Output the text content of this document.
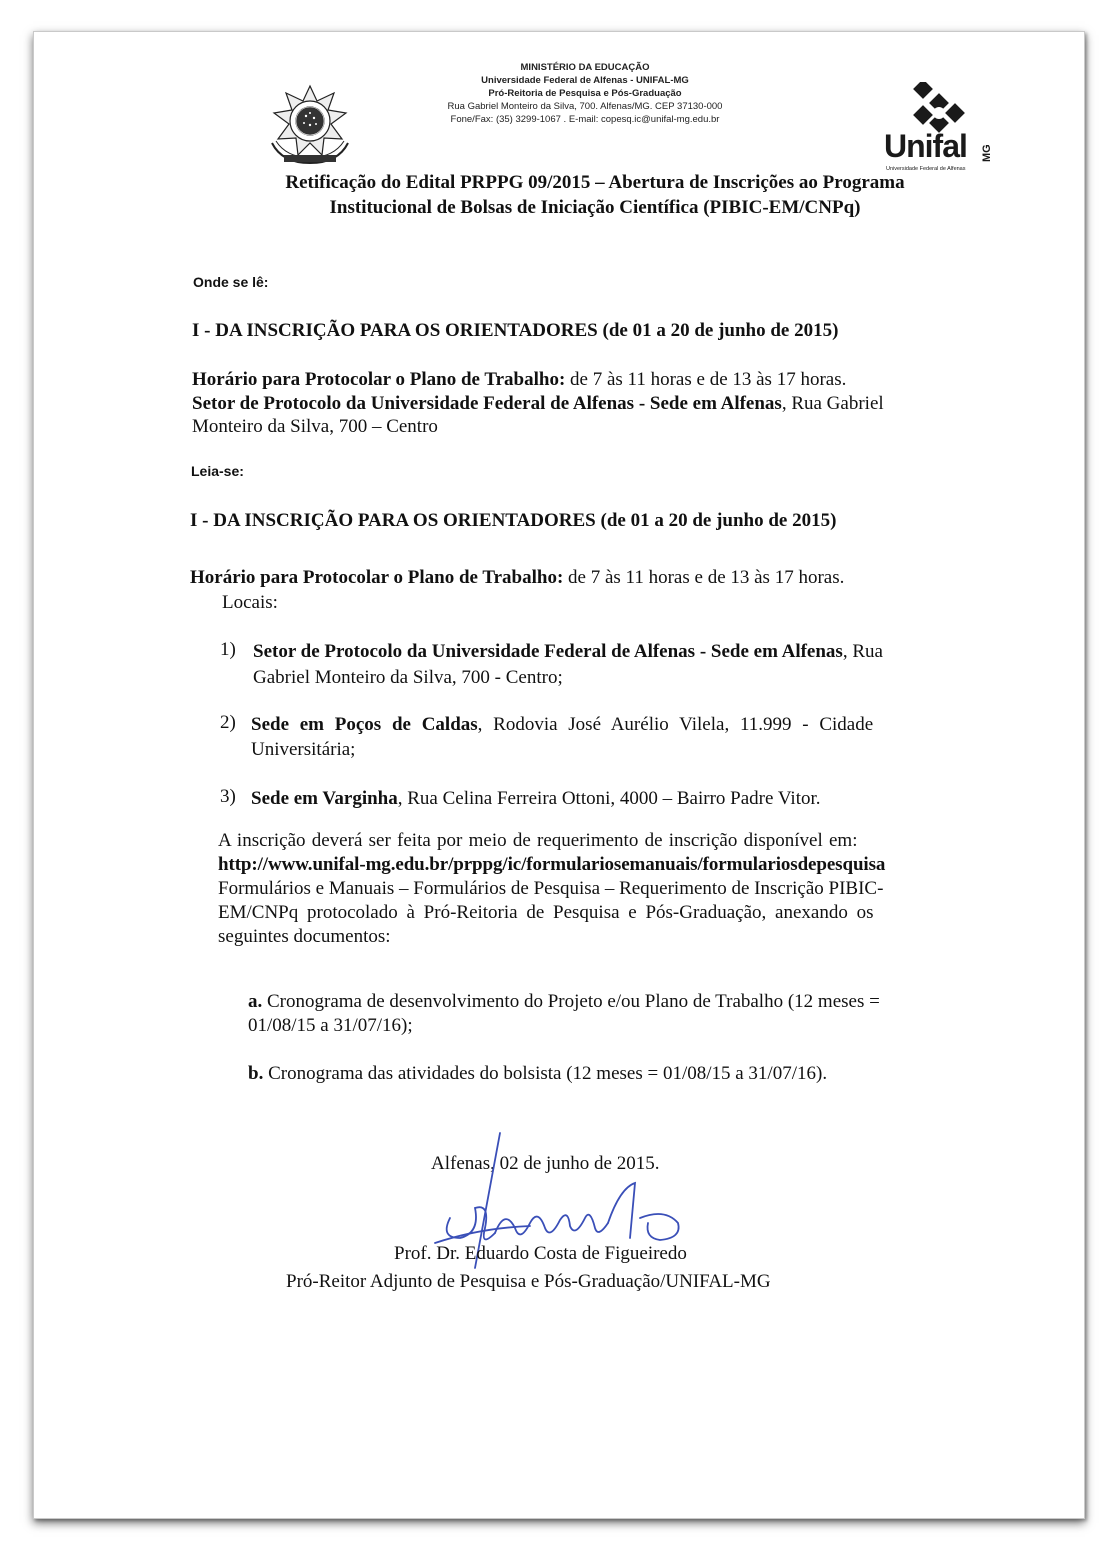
MINISTÉRIO DA EDUCAÇÃO
Universidade Federal de Alfenas - UNIFAL-MG
Pró-Reitoria de Pesquisa e Pós-Graduação
Rua Gabriel Monteiro da Silva, 700. Alfenas/MG. CEP 37130-000
Fone/Fax: (35) 3299-1067 . E-mail: copesq.ic@unifal-mg.edu.br
Unifal MG
Universidade Federal de Alfenas
Retificação do Edital PRPPG 09/2015 – Abertura de Inscrições ao Programa
Institucional de Bolsas de Iniciação Científica (PIBIC-EM/CNPq)
Onde se lê:
I - DA INSCRIÇÃO PARA OS ORIENTADORES (de 01 a 20 de junho de 2015)
Horário para Protocolar o Plano de Trabalho: de 7 às 11 horas e de 13 às 17 horas.
Setor de Protocolo da Universidade Federal de Alfenas - Sede em Alfenas, Rua Gabriel
Monteiro da Silva, 700 – Centro
Leia-se:
I - DA INSCRIÇÃO PARA OS ORIENTADORES (de 01 a 20 de junho de 2015)
Horário para Protocolar o Plano de Trabalho: de 7 às 11 horas e de 13 às 17 horas.
Locais:
1) Setor de Protocolo da Universidade Federal de Alfenas - Sede em Alfenas, Rua
Gabriel Monteiro da Silva, 700 - Centro;
2) Sede em Poços de Caldas, Rodovia José Aurélio Vilela, 11.999 - Cidade
Universitária;
3) Sede em Varginha, Rua Celina Ferreira Ottoni, 4000 – Bairro Padre Vitor.
A inscrição deverá ser feita por meio de requerimento de inscrição disponível em:
http://www.unifal-mg.edu.br/prppg/ic/formulariosemanuais/formulariosdepesquisa
Formulários e Manuais – Formulários de Pesquisa – Requerimento de Inscrição PIBIC-
EM/CNPq protocolado à Pró-Reitoria de Pesquisa e Pós-Graduação, anexando os
seguintes documentos:
a. Cronograma de desenvolvimento do Projeto e/ou Plano de Trabalho (12 meses =
01/08/15 a 31/07/16);
b. Cronograma das atividades do bolsista (12 meses = 01/08/15 a 31/07/16).
Alfenas, 02 de junho de 2015.
Prof. Dr. Eduardo Costa de Figueiredo
Pró-Reitor Adjunto de Pesquisa e Pós-Graduação/UNIFAL-MG
